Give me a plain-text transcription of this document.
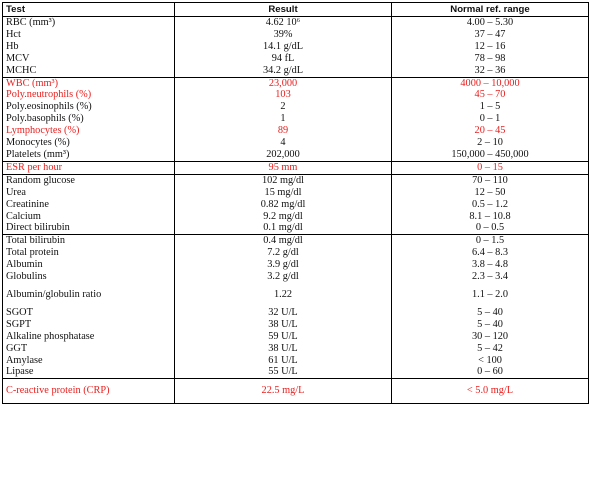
Test	Result	Normal ref. range
RBC (mm³)	4.62 10⁶	4.00 – 5.30
Hct	39%	37 – 47
Hb	14.1 g/dL	12 – 16
MCV	94 fL	78 – 98
MCHC	34.2 g/dL	32 – 36
WBC (mm³)	23,000	4000 – 10,000
Poly.neutrophils (%)	103	45 – 70
Poly.eosinophils (%)	2	1 – 5
Poly.basophils (%)	1	0 – 1
Lymphocytes (%)	89	20 – 45
Monocytes (%)	4	2 – 10
Platelets (mm³)	202,000	150,000 – 450,000
ESR per hour	95 mm	0 – 15
Random glucose	102 mg/dl	70 – 110
Urea	15 mg/dl	12 – 50
Creatinine	0.82 mg/dl	0.5 – 1.2
Calcium	9.2 mg/dl	8.1 – 10.8
Direct bilirubin	0.1 mg/dl	0 – 0.5
Total bilirubin	0.4 mg/dl	0 – 1.5
Total protein	7.2 g/dl	6.4 – 8.3
Albumin	3.9 g/dl	3.8 – 4.8
Globulins	3.2 g/dl	2.3 – 3.4
Albumin/globulin ratio	1.22	1.1 – 2.0
SGOT	32 U/L	5 – 40
SGPT	38 U/L	5 – 40
Alkaline phosphatase	59 U/L	30 – 120
GGT	38 U/L	5 – 42
Amylase	61 U/L	< 100
Lipase	55 U/L	0 – 60
C-reactive protein (CRP)	22.5 mg/L	< 5.0 mg/L
